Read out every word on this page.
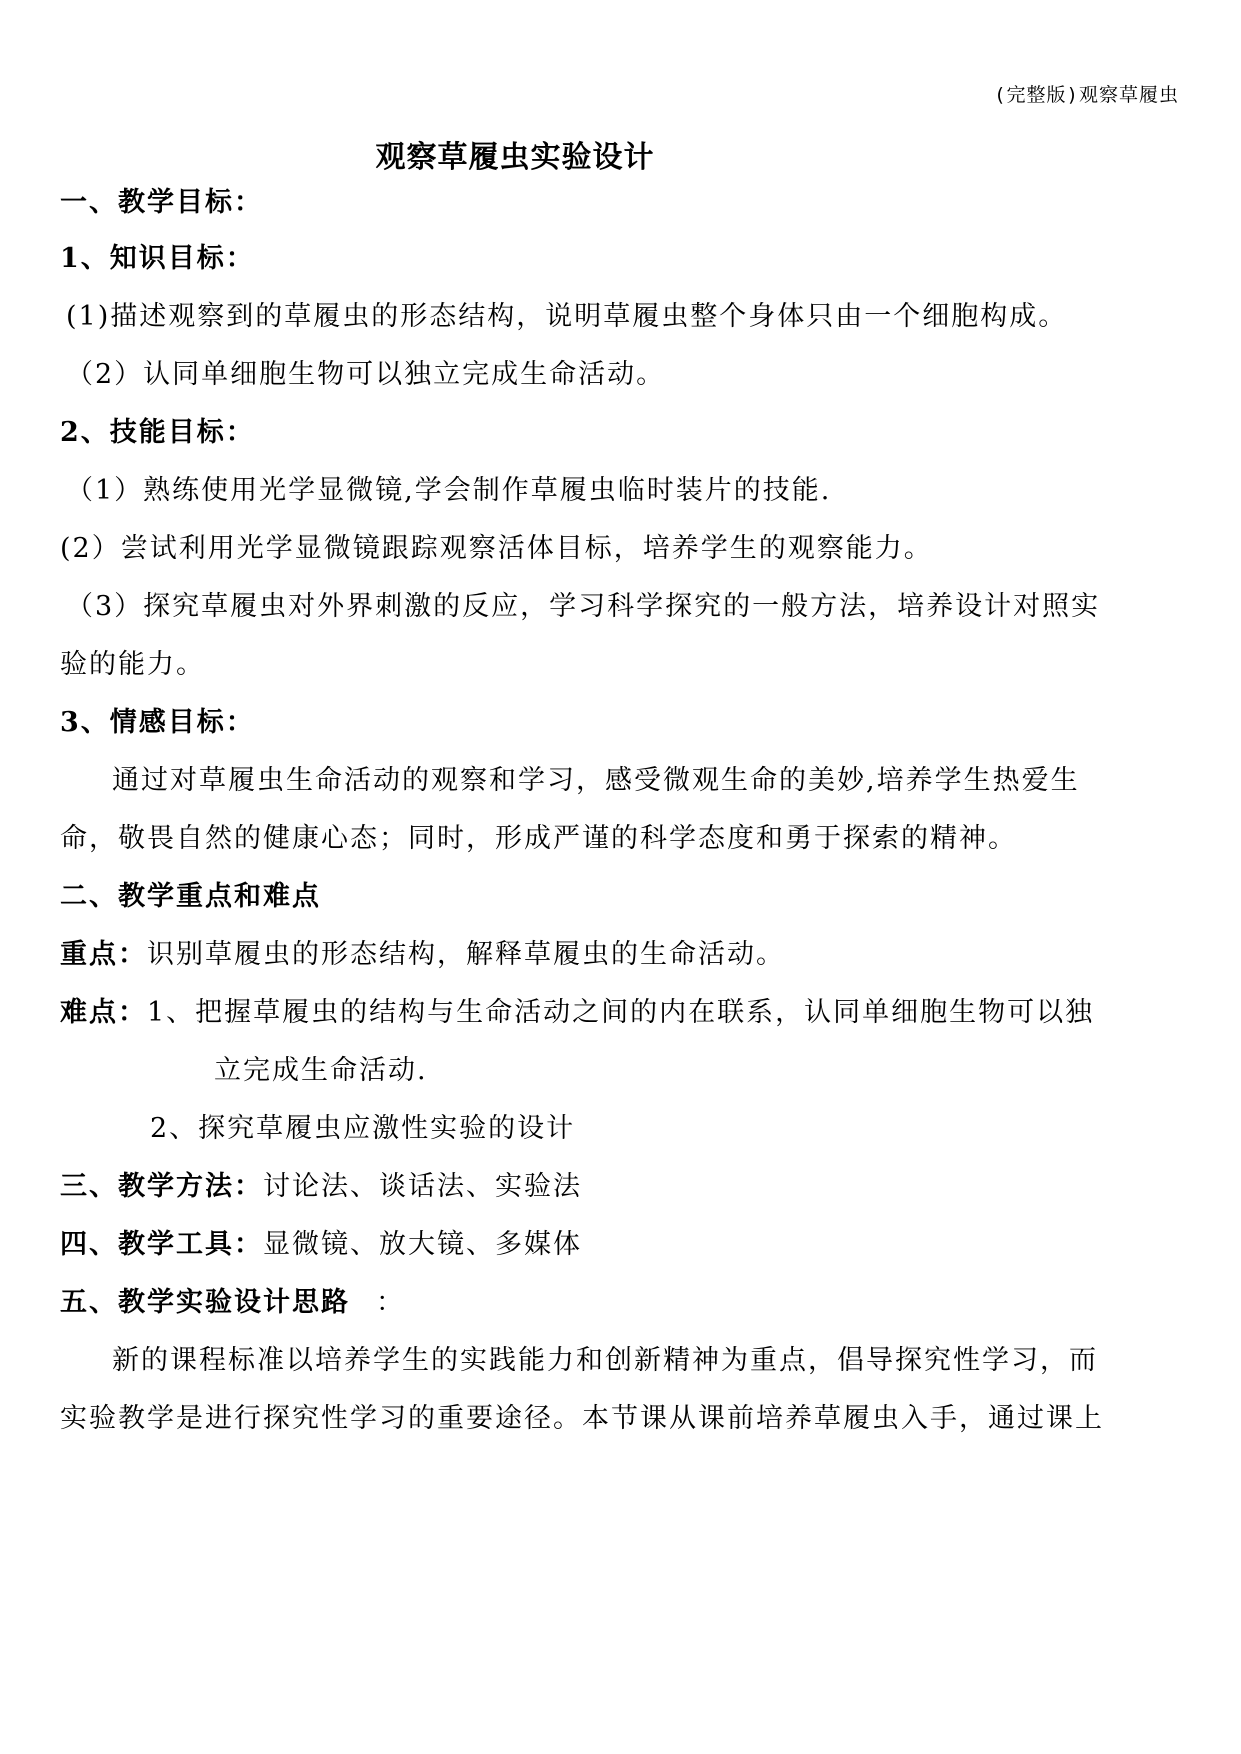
(完整版)观察草履虫
观察草履虫实验设计
一、教学目标：
1、知识目标：
(1)描述观察到的草履虫的形态结构，说明草履虫整个身体只由一个细胞构成。
（2）认同单细胞生物可以独立完成生命活动。
2、技能目标：
（1）熟练使用光学显微镜,学会制作草履虫临时装片的技能.
(2）尝试利用光学显微镜跟踪观察活体目标，培养学生的观察能力。
（3）探究草履虫对外界刺激的反应，学习科学探究的一般方法，培养设计对照实
验的能力。
3、情感目标：
通过对草履虫生命活动的观察和学习，感受微观生命的美妙,培养学生热爱生
命，敬畏自然的健康心态；同时，形成严谨的科学态度和勇于探索的精神。
二、教学重点和难点
重点：识别草履虫的形态结构，解释草履虫的生命活动。
难点：1、把握草履虫的结构与生命活动之间的内在联系，认同单细胞生物可以独
立完成生命活动.
2、探究草履虫应激性实验的设计
三、教学方法：讨论法、谈话法、实验法
四、教学工具：显微镜、放大镜、多媒体
五、教学实验设计思路 ：
新的课程标准以培养学生的实践能力和创新精神为重点，倡导探究性学习，而
实验教学是进行探究性学习的重要途径。本节课从课前培养草履虫入手，通过课上
